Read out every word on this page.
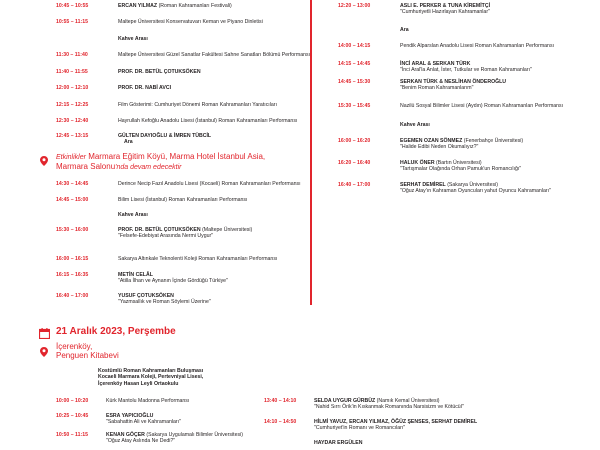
10:45 – 10:55	ERCAN YILMAZ (Roman Kahramanları Festivali)
10:55 – 11:15	Maltepe Üniversitesi Konservatuvarı Keman ve Piyano Dinletisi
Kahve Arası
11:30 – 11:40	Maltepe Üniversitesi Güzel Sanatlar Fakültesi Sahne Sanatları Bölümü Performansı
11:40 – 11:55	PROF. DR. BETÜL ÇOTUKSÖKEN
12:00 – 12:10	PROF. DR. NABİ AVCI
12:15 – 12:25	Film Gösterimi: Cumhuriyet Dönemi Roman Kahramanları Yaratıcıları
12:30 – 12:40	Hayrullah Kefoğlu Anadolu Lisesi (İstanbul) Roman Kahramanları Performansı
12:45 – 13:15	GÜLTEN DAYIOĞLU & İMREN TÜBCİL
Ara
Etkinlikler Marmara Eğitim Köyü, Marma Hotel İstanbul Asia,
Marmara Salonu'nda devam edecektir
14:30 – 14:45	Derince Necip Fazıl Anadolu Lisesi (Kocaeli) Roman Kahramanları Performansı
14:45 – 15:00	Bilim Lisesi (İstanbul) Roman Kahramanları Performansı
Kahve Arası
15:30 – 16:00	PROF. DR. BETÜL ÇOTUKSÖKEN (Maltepe Üniversitesi)
"Felsefe-Edebiyat Arasında Nermi Uygur"
16:00 – 16:15	Sakarya Altınkale Teknolenti Koleji Roman Kahramanları Performansı
16:15 – 16:35	METİN CELÂL
"Atilla İlhan ve Aynanın İçinde Gördüğü Türkiye"
16:40 – 17:00	YUSUF ÇOTUKSÖKEN
"Yazmsallık ve Roman Söylemi Üzerine"
12:20 – 13:00	ASLI E. PERKER & TUNA KİREMİTÇİ
"Cumhuriyetli Hazırlayan Kahramanlar"
Ara
14:00 – 14:15	Pendik Alparslan Anadolu Lisesi Roman Kahramanları Performansı
14:15 – 14:45	İNCİ ARAL & SERKAN TÜRK
"İnci Aral'la Anlat, İster, Tutkular ve Roman Kahramanları"
14:45 – 15:30	SERKAN TÜRK & NESLİHAN ÖNDEROĞLU
"Benim Roman Kahramanlarım"
15:30 – 15:45	Nazilü Sosyal Bilimler Lisesi (Aydın) Roman Kahramanları Performansı
Kahve Arası
16:00 – 16:20	EGEMEN OZAN SÖNMEZ (Fenerbahçe Üniversitesi)
"Halide Edibi Neden Okumalıyız?"
16:20 – 16:40	HALUK ÖNER (Bartın Üniversitesi)
"Tartışmalar Olağında Orhan Pamuk'un Romancılığı"
16:40 – 17:00	SERHAT DEMİREL (Sakarya Üniversitesi)
"Oğuz Atay'ın Kahraman Oyuncuları yahut Oyuncu Kahramanları"
21 Aralık 2023, Perşembe
İçerenköy,
Penguen Kitabevi
Kostümlü Roman Kahramanları Buluşması
Kocaeli Marmara Koleji, Pertevniyal Lisesi,
İçerenköy Hasan Leyli Ortaokulu
10:00 – 10:20	Kürk Mantolu Madonna Performansı
10:25 – 10:45	ESRA YAPICIOĞLU
"Sabahattin Ali ve Kahramanları"
10:50 – 11:15	KENAN GÖÇER (Sakarya Uygulamalı Bilimler Üniversitesi)
"Oğuz Atay Aslında Ne Dedi?"
13:40 – 14:10	SELDA UYGUR GÜRBÜZ (Namık Kemal Üniversitesi)
"Nahid Sırrı Örik'in Kıskanmak Romanında Narsisizm ve Kötücül"
14:10 – 14:50	HİLMİ YAVUZ, ERCAN YILMAZ, ÖĞÜZ ŞENSES, SERHAT DEMİREL
"Cumhuriyet'in Romanı ve Romancıları"
HAYDAR ERGÜLEN
